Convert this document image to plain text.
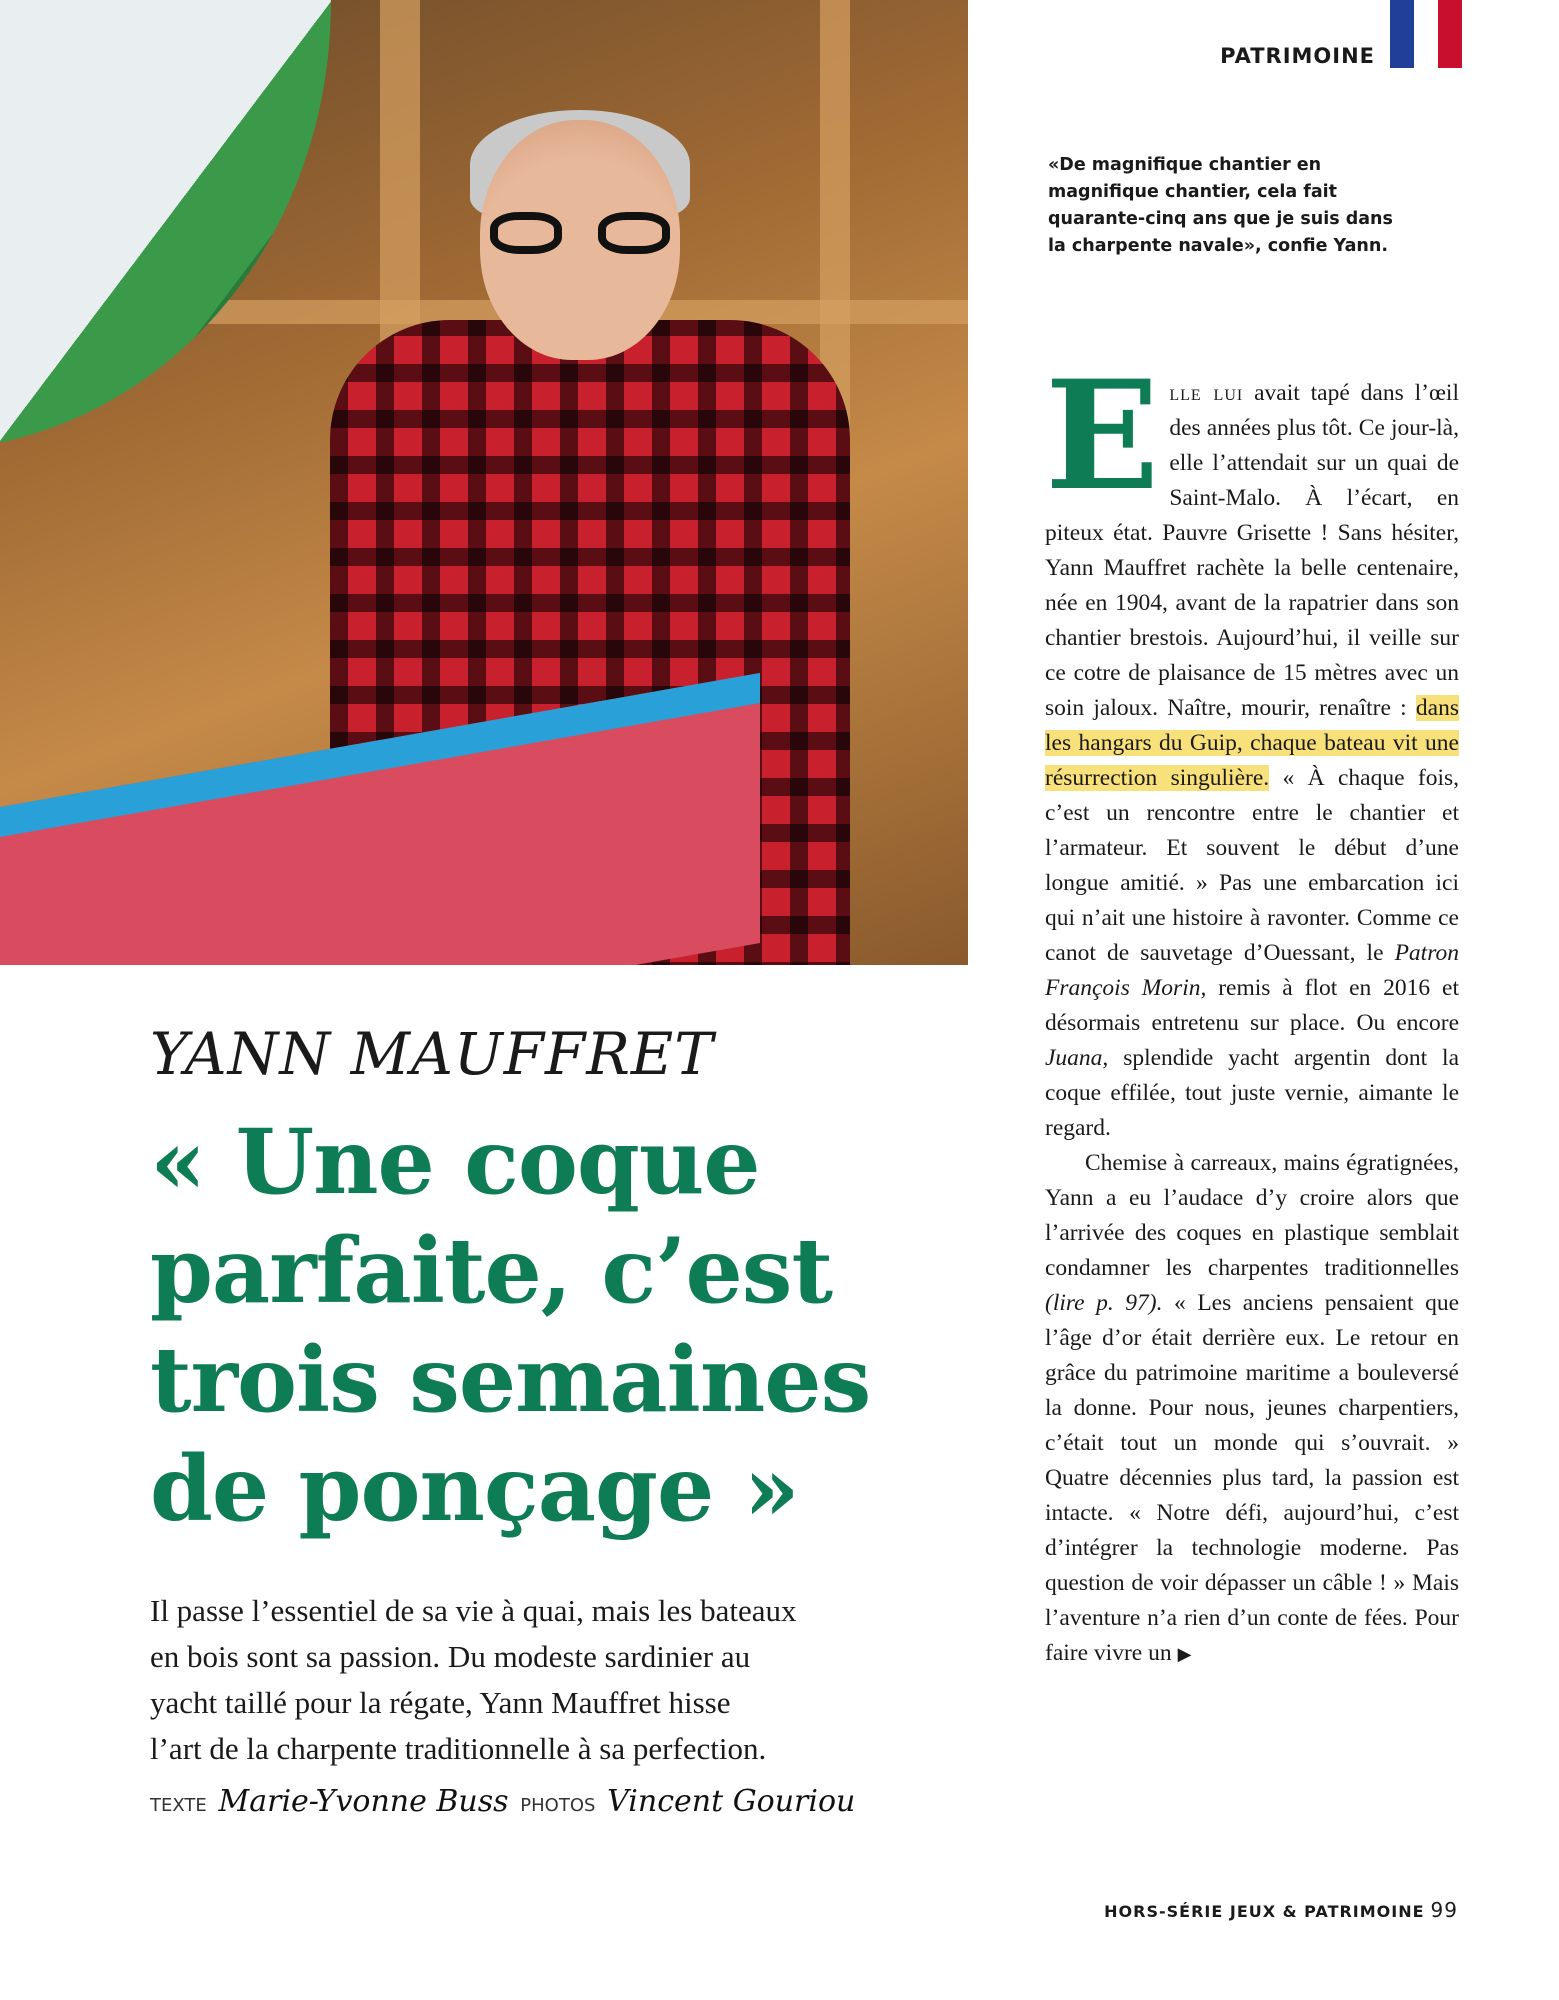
PATRIMOINE
«De magnifique chantier en magnifique chantier, cela fait quarante-cinq ans que je suis dans la charpente navale», confie Yann.

Elle lui avait tapé dans l’œil des années plus tôt. Ce jour-là, elle l’attendait sur un quai de Saint-Malo. À l’écart, en piteux état. Pauvre Grisette ! Sans hésiter, Yann Mauffret rachète la belle centenaire, née en 1904, avant de la rapatrier dans son chantier brestois. Aujourd’hui, il veille sur ce cotre de plaisance de 15 mètres avec un soin jaloux. Naître, mourir, renaître : dans les hangars du Guip, chaque bateau vit une résurrection singulière. « À chaque fois, c’est un rencontre entre le chantier et l’armateur. Et souvent le début d’une longue amitié. » Pas une embarcation ici qui n’ait une histoire à ravonter. Comme ce canot de sauvetage d’Ouessant, le Patron François Morin, remis à flot en 2016 et désormais entretenu sur place. Ou encore Juana, splendide yacht argentin dont la coque effilée, tout juste vernie, aimante le regard.

Chemise à carreaux, mains égratignées, Yann a eu l’audace d’y croire alors que l’arrivée des coques en plastique semblait condamner les charpentes traditionnelles (lire p. 97). « Les anciens pensaient que l’âge d’or était derrière eux. Le retour en grâce du patrimoine maritime a bouleversé la donne. Pour nous, jeunes charpentiers, c’était tout un monde qui s’ouvrait. » Quatre décennies plus tard, la passion est intacte. « Notre défi, aujourd’hui, c’est d’intégrer la technologie moderne. Pas question de voir dépasser un câble ! » Mais l’aventure n’a rien d’un conte de fées. Pour faire vivre un ▶

YANN MAUFFRET
« Une coque
parfaite, c’est
trois semaines
de ponçage »
Il passe l’essentiel de sa vie à quai, mais les bateaux
en bois sont sa passion. Du modeste sardinier au
yacht taillé pour la régate, Yann Mauffret hisse
l’art de la charpente traditionnelle à sa perfection.
TEXTE Marie-Yvonne Buss PHOTOS Vincent Gouriou
HORS-SÉRIE JEUX & PATRIMOINE 99
